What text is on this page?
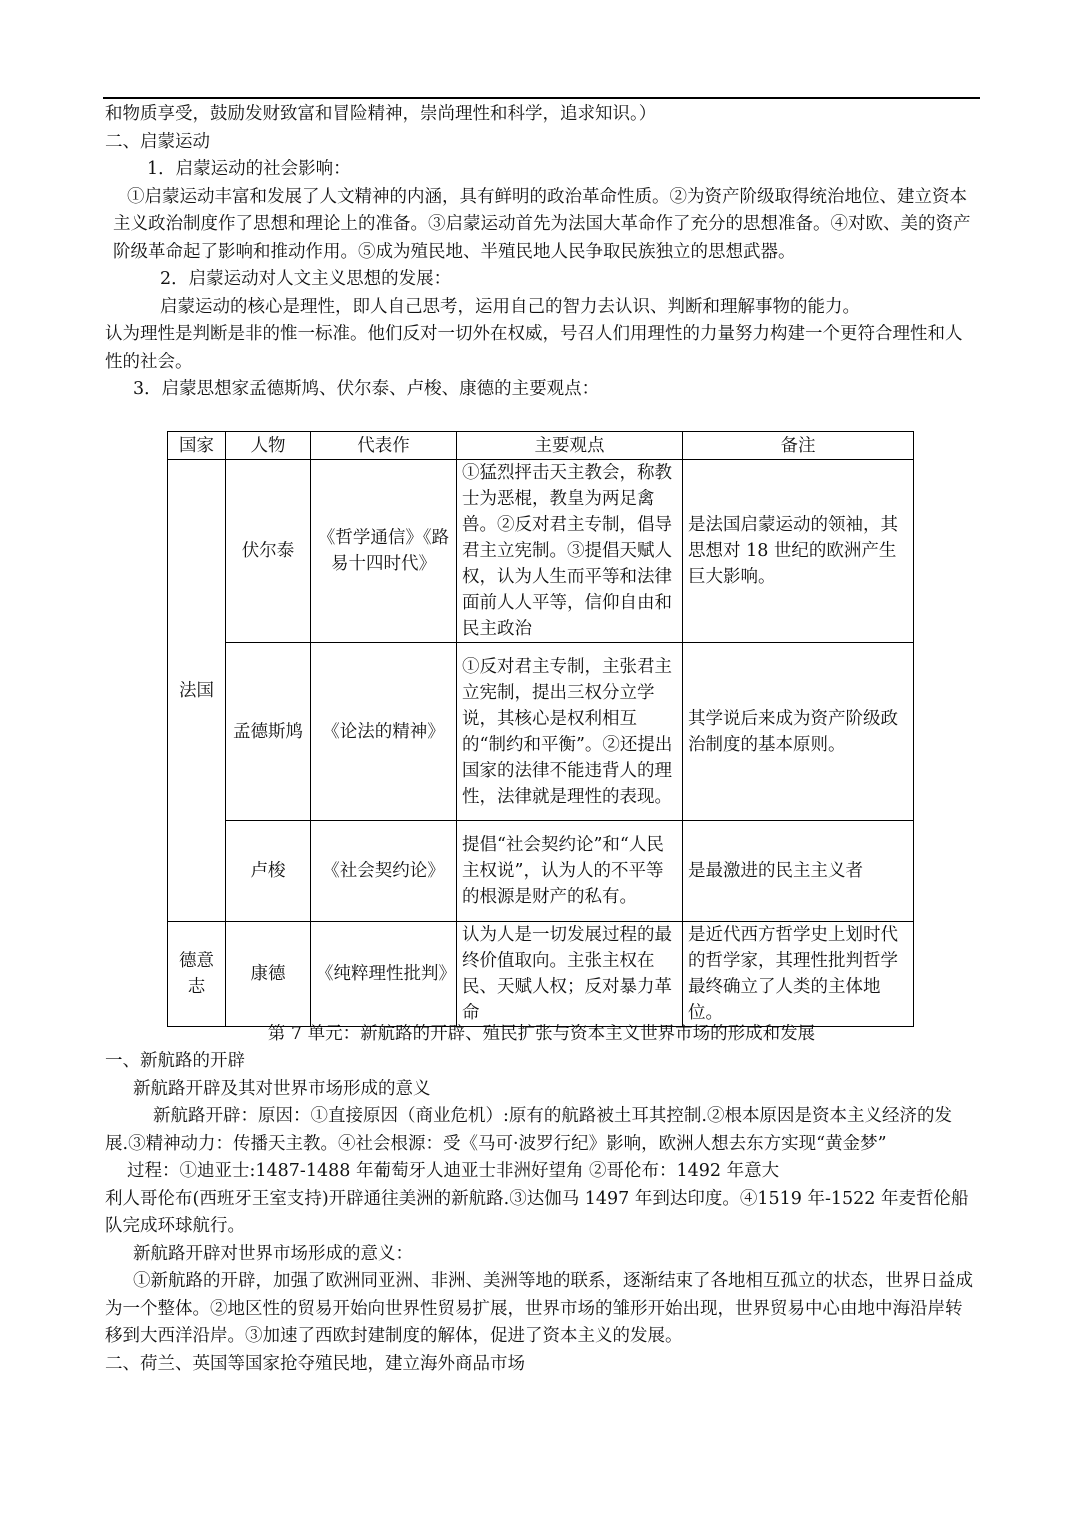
和物质享受，鼓励发财致富和冒险精神，崇尚理性和科学，追求知识。）

二、启蒙运动

1．启蒙运动的社会影响：

①启蒙运动丰富和发展了人文精神的内涵，具有鲜明的政治革命性质。②为资产阶级取得统治地位、建立资本主义政治制度作了思想和理论上的准备。③启蒙运动首先为法国大革命作了充分的思想准备。④对欧、美的资产阶级革命起了影响和推动作用。⑤成为殖民地、半殖民地人民争取民族独立的思想武器。

2．启蒙运动对人文主义思想的发展：

启蒙运动的核心是理性，即人自己思考，运用自己的智力去认识、判断和理解事物的能力。

认为理性是判断是非的惟一标准。他们反对一切外在权威，号召人们用理性的力量努力构建一个更符合理性和人性的社会。

3．启蒙思想家孟德斯鸠、伏尔泰、卢梭、康德的主要观点：

国家	人物	代表作	主要观点	备注
法国	伏尔泰	《哲学通信》《路易十四时代》	①猛烈抨击天主教会，称教士为恶棍，教皇为两足禽兽。②反对君主专制，倡导君主立宪制。③提倡天赋人权，认为人生而平等和法律面前人人平等，信仰自由和民主政治	是法国启蒙运动的领袖，其思想对 18 世纪的欧洲产生巨大影响。
	孟德斯鸠	《论法的精神》	①反对君主专制，主张君主立宪制，提出三权分立学说，其核心是权利相互的“制约和平衡”。②还提出国家的法律不能违背人的理性，法律就是理性的表现。	其学说后来成为资产阶级政治制度的基本原则。
	卢梭	《社会契约论》	提倡“社会契约论”和“人民主权说”，认为人的不平等的根源是财产的私有。	是最激进的民主主义者
德意志	康德	《纯粹理性批判》	认为人是一切发展过程的最终价值取向。主张主权在民、天赋人权；反对暴力革命	是近代西方哲学史上划时代的哲学家，其理性批判哲学最终确立了人类的主体地位。
第 7 单元：新航路的开辟、殖民扩张与资本主义世界市场的形成和发展

一、新航路的开辟

新航路开辟及其对世界市场形成的意义

新航路开辟：原因：①直接原因（商业危机）:原有的航路被土耳其控制.②根本原因是资本主义经济的发展.③精神动力：传播天主教。④社会根源：受《马可·波罗行纪》影响，欧洲人想去东方实现“黄金梦”

过程：①迪亚士:1487-1488 年葡萄牙人迪亚士非洲好望角 ②哥伦布：1492 年意大

利人哥伦布(西班牙王室支持)开辟通往美洲的新航路.③达伽马 1497 年到达印度。④1519 年-1522 年麦哲伦船队完成环球航行。

新航路开辟对世界市场形成的意义：

①新航路的开辟，加强了欧洲同亚洲、非洲、美洲等地的联系，逐渐结束了各地相互孤立的状态，世界日益成为一个整体。②地区性的贸易开始向世界性贸易扩展，世界市场的雏形开始出现，世界贸易中心由地中海沿岸转移到大西洋沿岸。③加速了西欧封建制度的解体，促进了资本主义的发展。

二、荷兰、英国等国家抢夺殖民地，建立海外商品市场
